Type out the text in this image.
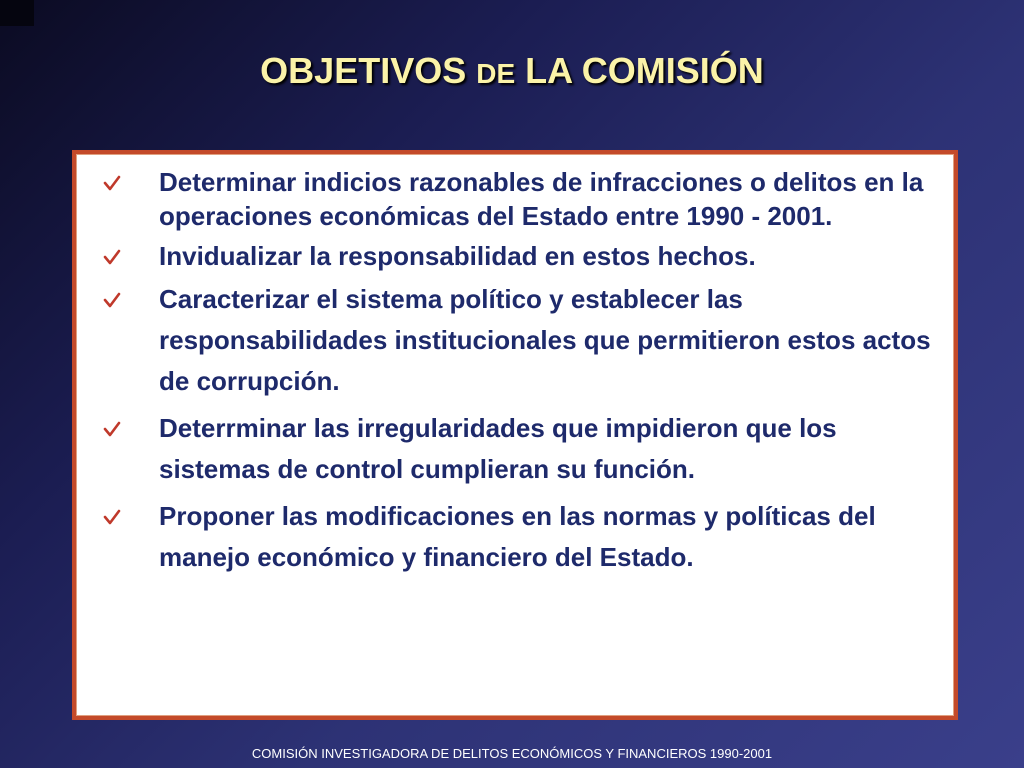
OBJETIVOS DE LA COMISIÓN
Determinar indicios razonables de infracciones o delitos en la operaciones económicas del Estado entre 1990 - 2001.
Invidualizar la responsabilidad en estos hechos.
Caracterizar el sistema político y establecer las responsabilidades institucionales que permitieron estos actos de corrupción.
Deterrminar las irregularidades que impidieron que los sistemas de control cumplieran su función.
Proponer las modificaciones en las normas y políticas del manejo económico y financiero del Estado.
COMISIÓN INVESTIGADORA DE DELITOS ECONÓMICOS Y FINANCIEROS 1990-2001
